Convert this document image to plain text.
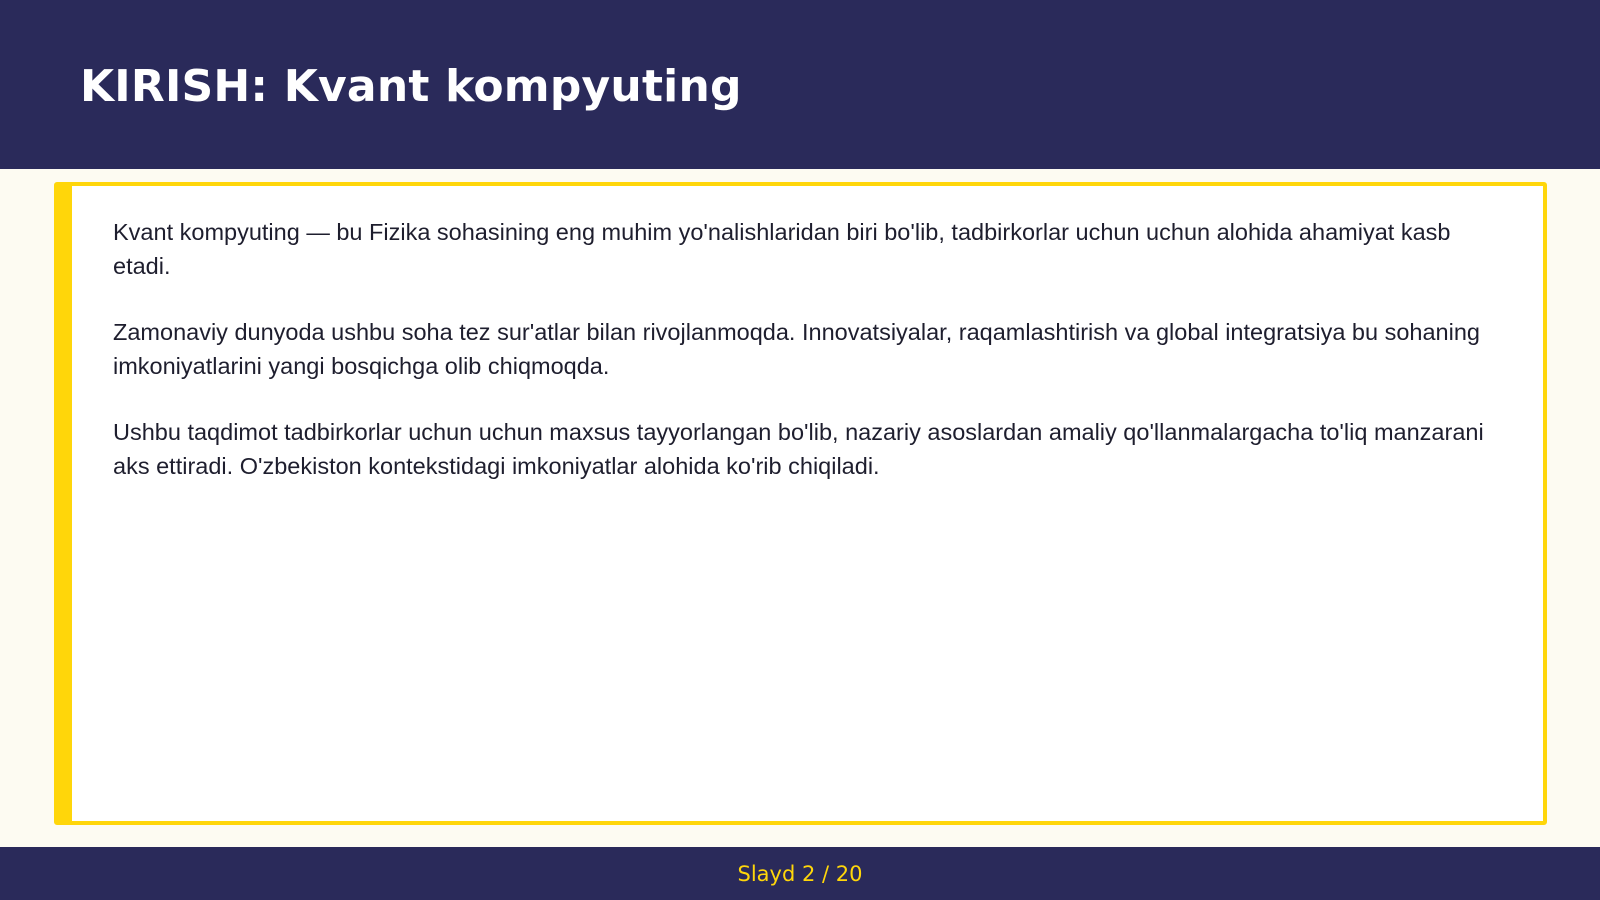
KIRISH: Kvant kompyuting

Kvant kompyuting — bu Fizika sohasining eng muhim yo'nalishlaridan biri bo'lib, tadbirkorlar uchun uchun alohida ahamiyat kasb etadi.

Zamonaviy dunyoda ushbu soha tez sur'atlar bilan rivojlanmoqda. Innovatsiyalar, raqamlashtirish va global integratsiya bu sohaning imkoniyatlarini yangi bosqichga olib chiqmoqda.

Ushbu taqdimot tadbirkorlar uchun uchun maxsus tayyorlangan bo'lib, nazariy asoslardan amaliy qo'llanmalargacha to'liq manzarani aks ettiradi. O'zbekiston kontekstidagi imkoniyatlar alohida ko'rib chiqiladi.

Slayd 2 / 20
